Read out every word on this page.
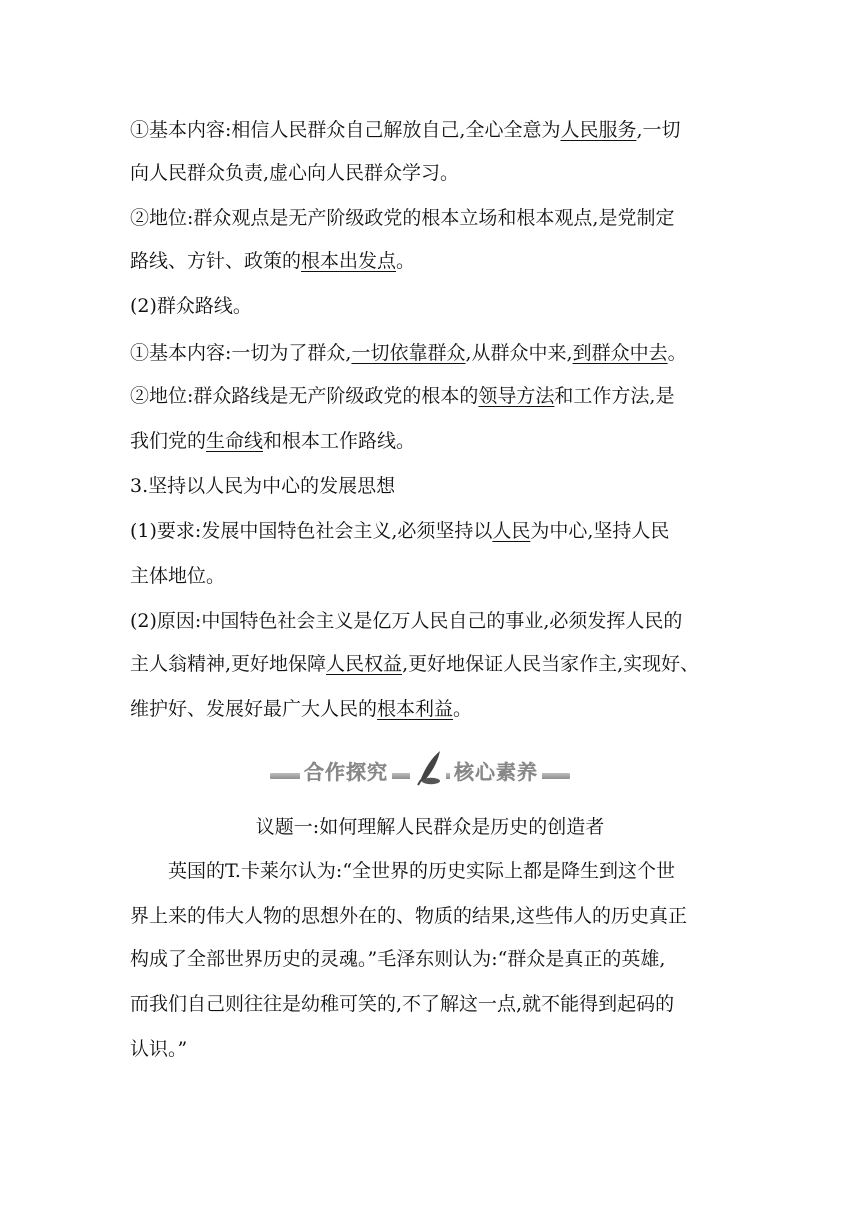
①基本内容:相信人民群众自己解放自己,全心全意为人民服务,一切
向人民群众负责,虚心向人民群众学习。
②地位:群众观点是无产阶级政党的根本立场和根本观点,是党制定
路线、方针、政策的根本出发点。
(2)群众路线。
①基本内容:一切为了群众,一切依靠群众,从群众中来,到群众中去。
②地位:群众路线是无产阶级政党的根本的领导方法和工作方法,是
我们党的生命线和根本工作路线。
3.坚持以人民为中心的发展思想
(1)要求:发展中国特色社会主义,必须坚持以人民为中心,坚持人民
主体地位。
(2)原因:中国特色社会主义是亿万人民自己的事业,必须发挥人民的
主人翁精神,更好地保障人民权益,更好地保证人民当家作主,实现好、
维护好、发展好最广大人民的根本利益。
合作探究	核心素养
议题一:如何理解人民群众是历史的创造者
　　英国的T.卡莱尔认为:“全世界的历史实际上都是降生到这个世
界上来的伟大人物的思想外在的、物质的结果,这些伟人的历史真正
构成了全部世界历史的灵魂。”毛泽东则认为:“群众是真正的英雄,
而我们自己则往往是幼稚可笑的,不了解这一点,就不能得到起码的
认识。”
